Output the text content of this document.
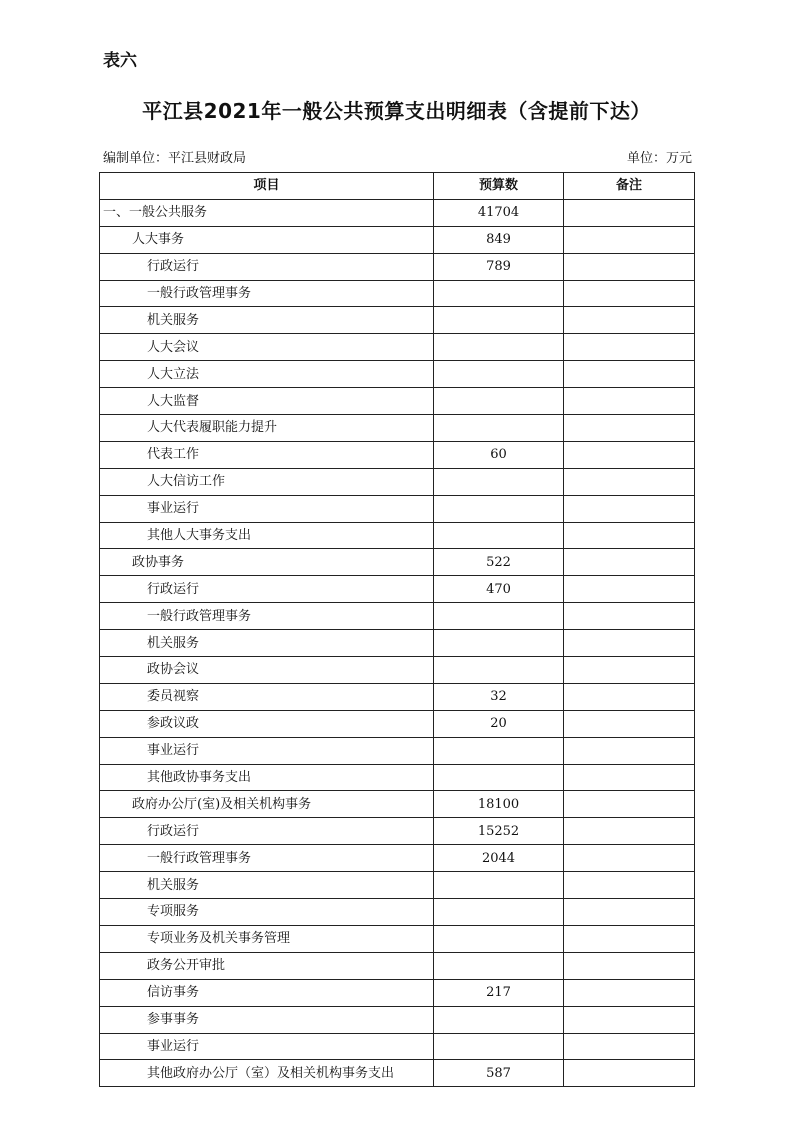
表六
平江县2021年一般公共预算支出明细表（含提前下达）
编制单位：平江县财政局	单位：万元
项目	预算数	备注
一、一般公共服务	41704	
人大事务	849	
行政运行	789	
一般行政管理事务		
机关服务		
人大会议		
人大立法		
人大监督		
人大代表履职能力提升		
代表工作	60	
人大信访工作		
事业运行		
其他人大事务支出		
政协事务	522	
行政运行	470	
一般行政管理事务		
机关服务		
政协会议		
委员视察	32	
参政议政	20	
事业运行		
其他政协事务支出		
政府办公厅(室)及相关机构事务	18100	
行政运行	15252	
一般行政管理事务	2044	
机关服务		
专项服务		
专项业务及机关事务管理		
政务公开审批		
信访事务	217	
参事事务		
事业运行		
其他政府办公厅（室）及相关机构事务支出	587	
